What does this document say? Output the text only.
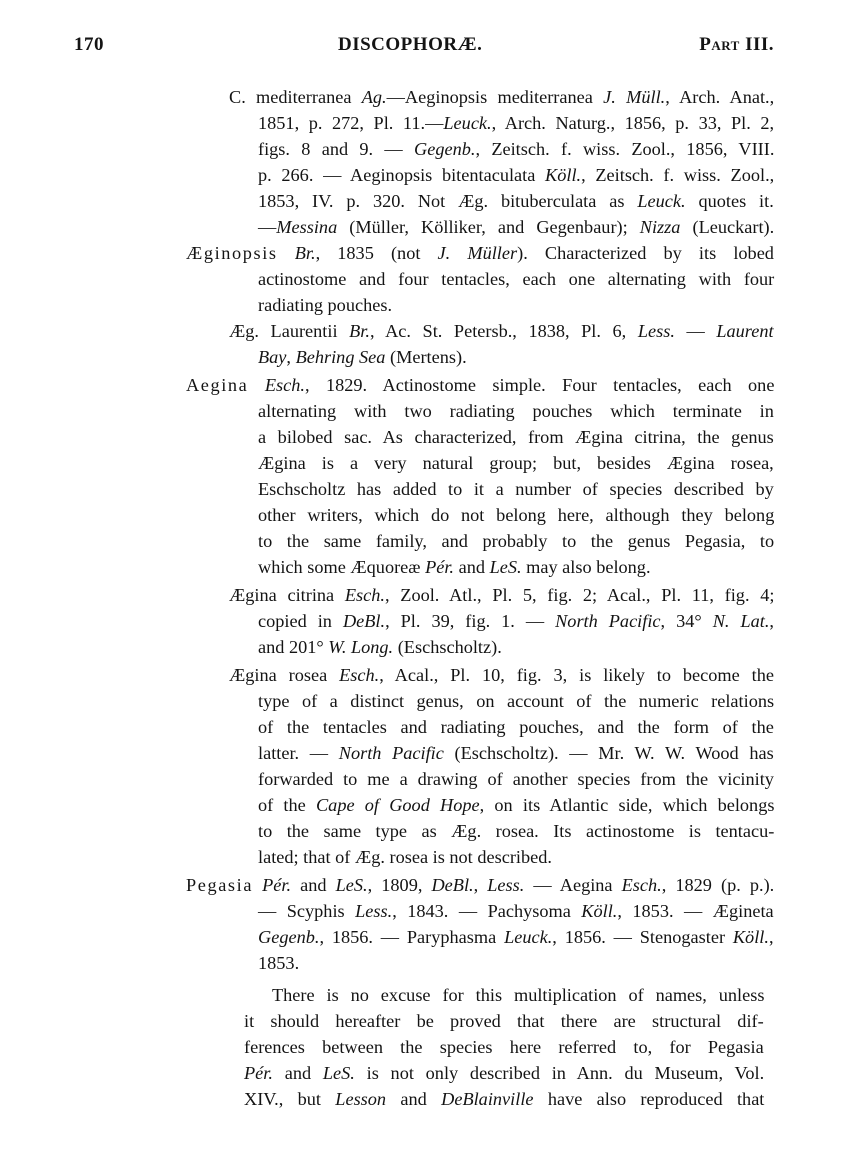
170	DISCOPHORÆ.	Part III.
C. mediterranea Ag.—Aeginopsis mediterranea J. Müll., Arch. Anat.,
1851, p. 272, Pl. 11.—Leuck., Arch. Naturg., 1856, p. 33, Pl. 2,
figs. 8 and 9. — Gegenb., Zeitsch. f. wiss. Zool., 1856, VIII.
p. 266. — Aeginopsis bitentaculata Köll., Zeitsch. f. wiss. Zool.,
1853, IV. p. 320. Not Æg. bituberculata as Leuck. quotes it.
—Messina (Müller, Kölliker, and Gegenbaur); Nizza (Leuckart).
Æginopsis Br., 1835 (not J. Müller). Characterized by its lobed
actinostome and four tentacles, each one alternating with four
radiating pouches.
Æg. Laurentii Br., Ac. St. Petersb., 1838, Pl. 6, Less. — Laurent
Bay, Behring Sea (Mertens).
Aegina Esch., 1829. Actinostome simple. Four tentacles, each one
alternating with two radiating pouches which terminate in
a bilobed sac. As characterized, from Ægina citrina, the genus
Ægina is a very natural group; but, besides Ægina rosea,
Eschscholtz has added to it a number of species described by
other writers, which do not belong here, although they belong
to the same family, and probably to the genus Pegasia, to
which some Æquoreæ Pér. and LeS. may also belong.
Ægina citrina Esch., Zool. Atl., Pl. 5, fig. 2; Acal., Pl. 11, fig. 4;
copied in DeBl., Pl. 39, fig. 1. — North Pacific, 34° N. Lat.,
and 201° W. Long. (Eschscholtz).
Ægina rosea Esch., Acal., Pl. 10, fig. 3, is likely to become the
type of a distinct genus, on account of the numeric relations
of the tentacles and radiating pouches, and the form of the
latter. — North Pacific (Eschscholtz). — Mr. W. W. Wood has
forwarded to me a drawing of another species from the vicinity
of the Cape of Good Hope, on its Atlantic side, which belongs
to the same type as Æg. rosea. Its actinostome is tentacu-
lated; that of Æg. rosea is not described.
Pegasia Pér. and LeS., 1809, DeBl., Less. — Aegina Esch., 1829 (p. p.).
— Scyphis Less., 1843. — Pachysoma Köll., 1853. — Ægineta
Gegenb., 1856. — Paryphasma Leuck., 1856. — Stenogaster Köll.,
1853.
There is no excuse for this multiplication of names, unless
it should hereafter be proved that there are structural dif-
ferences between the species here referred to, for Pegasia
Pér. and LeS. is not only described in Ann. du Museum, Vol.
XIV., but Lesson and DeBlainville have also reproduced that
